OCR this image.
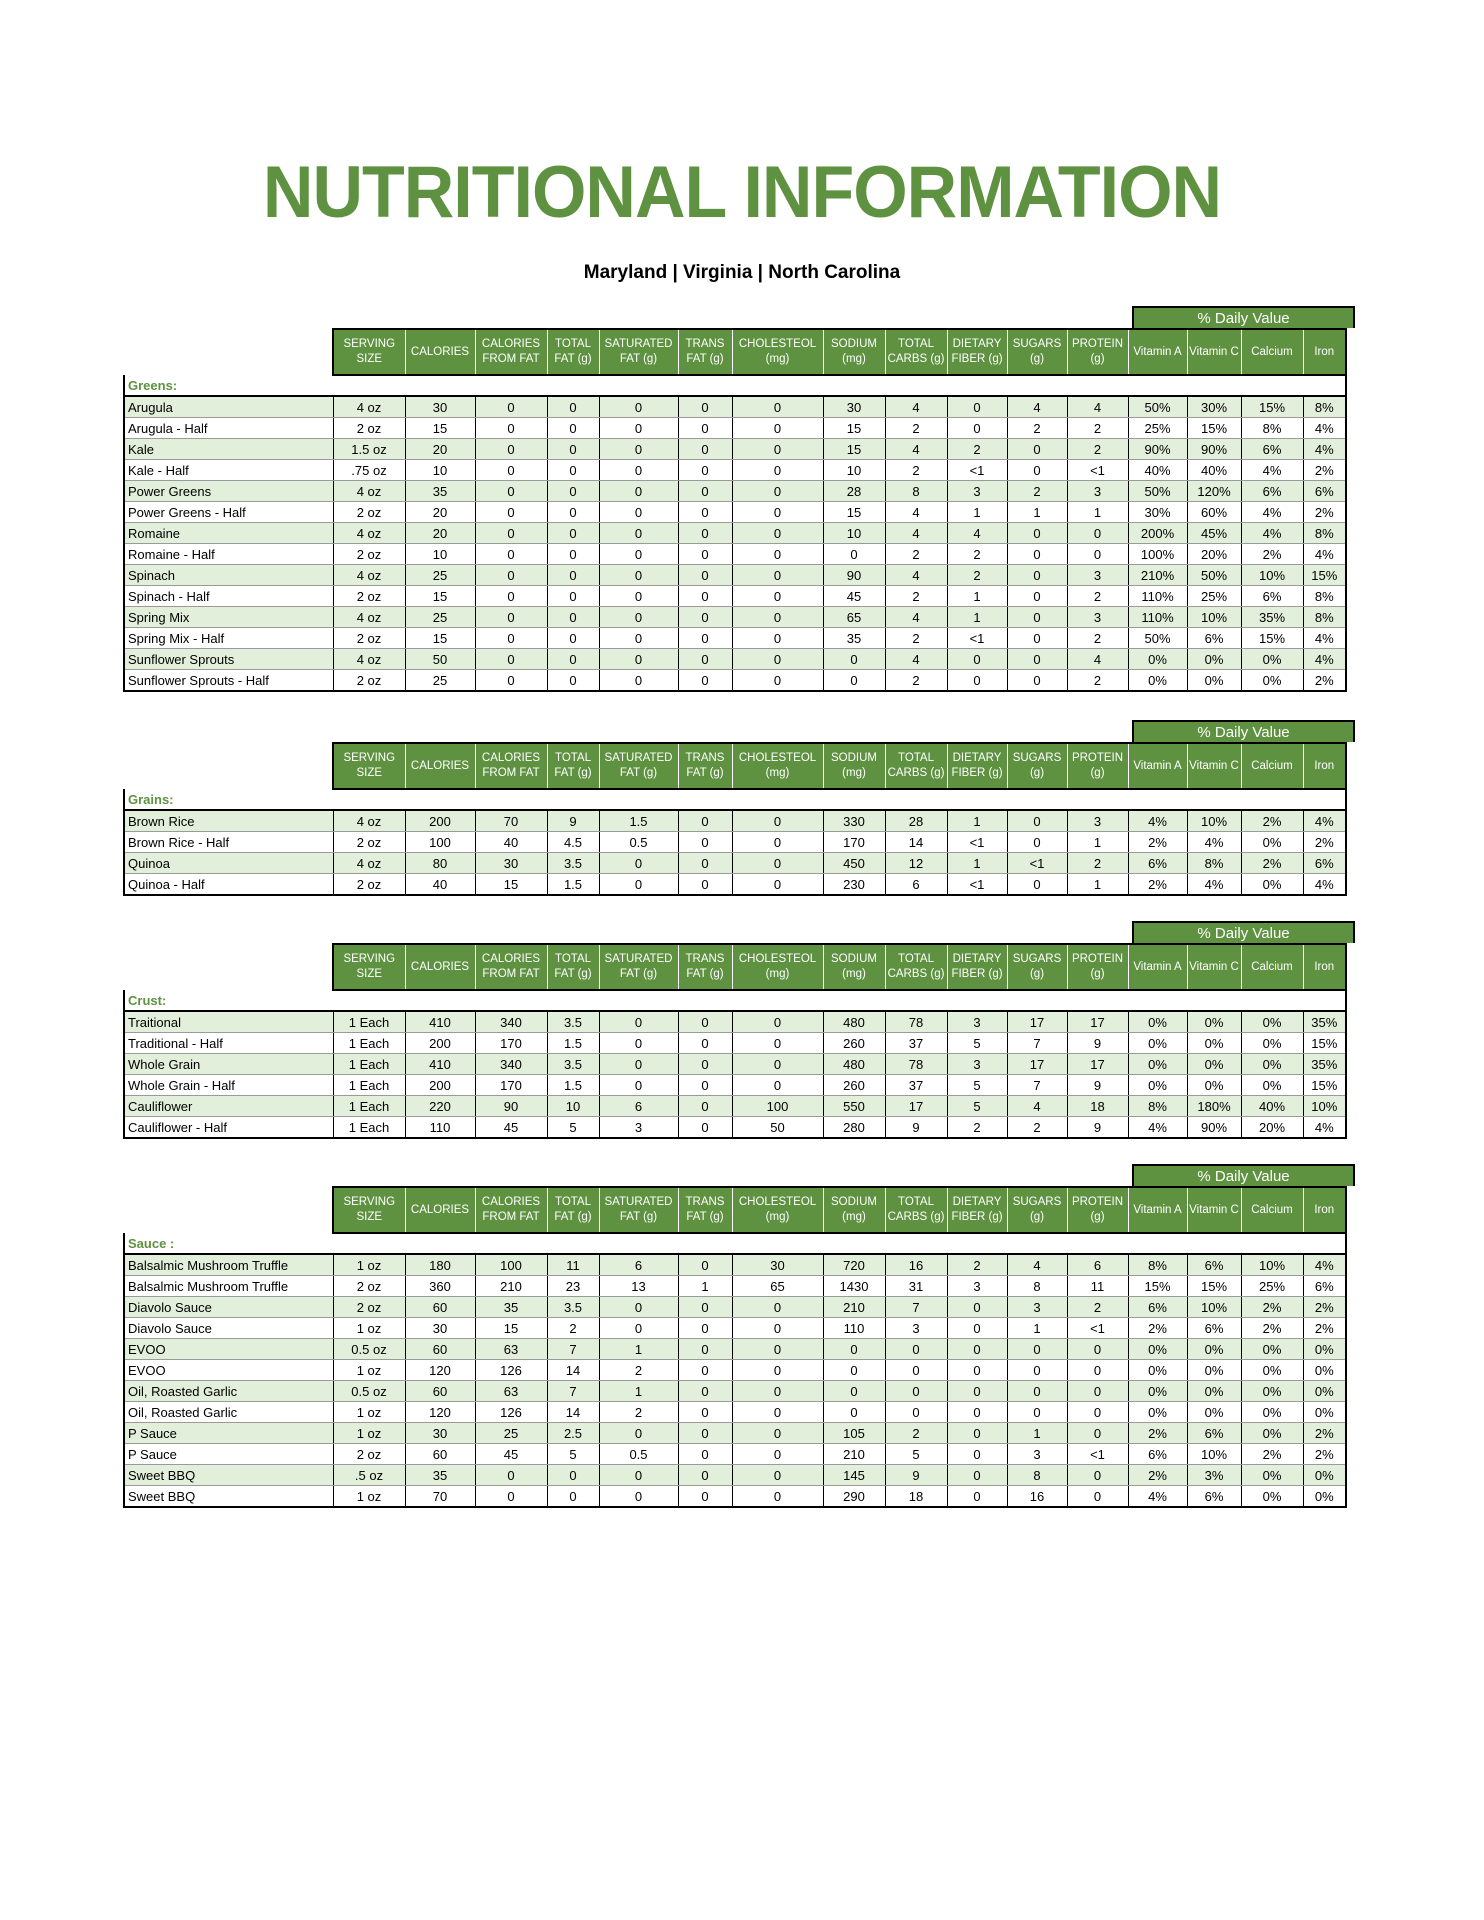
NUTRITIONAL INFORMATION
Maryland | Virginia | North Carolina
% Daily Value
	SERVING SIZE	CALORIES	CALORIES FROM FAT	TOTAL FAT (g)	SATURATED FAT (g)	TRANS FAT (g)	CHOLESTEOL (mg)	SODIUM (mg)	TOTAL CARBS (g)	DIETARY FIBER (g)	SUGARS (g)	PROTEIN (g)	Vitamin A	Vitamin C	Calcium	Iron
Greens:																
Arugula	4 oz	30	0	0	0	0	0	30	4	0	4	4	50%	30%	15%	8%
Arugula - Half	2 oz	15	0	0	0	0	0	15	2	0	2	2	25%	15%	8%	4%
Kale	1.5 oz	20	0	0	0	0	0	15	4	2	0	2	90%	90%	6%	4%
Kale - Half	.75 oz	10	0	0	0	0	0	10	2	<1	0	<1	40%	40%	4%	2%
Power Greens	4 oz	35	0	0	0	0	0	28	8	3	2	3	50%	120%	6%	6%
Power Greens - Half	2 oz	20	0	0	0	0	0	15	4	1	1	1	30%	60%	4%	2%
Romaine	4 oz	20	0	0	0	0	0	10	4	4	0	0	200%	45%	4%	8%
Romaine - Half	2 oz	10	0	0	0	0	0	0	2	2	0	0	100%	20%	2%	4%
Spinach	4 oz	25	0	0	0	0	0	90	4	2	0	3	210%	50%	10%	15%
Spinach - Half	2 oz	15	0	0	0	0	0	45	2	1	0	2	110%	25%	6%	8%
Spring Mix	4 oz	25	0	0	0	0	0	65	4	1	0	3	110%	10%	35%	8%
Spring Mix - Half	2 oz	15	0	0	0	0	0	35	2	<1	0	2	50%	6%	15%	4%
Sunflower Sprouts	4 oz	50	0	0	0	0	0	0	4	0	0	4	0%	0%	0%	4%
Sunflower Sprouts - Half	2 oz	25	0	0	0	0	0	0	2	0	0	2	0%	0%	0%	2%
% Daily Value
	SERVING SIZE	CALORIES	CALORIES FROM FAT	TOTAL FAT (g)	SATURATED FAT (g)	TRANS FAT (g)	CHOLESTEOL (mg)	SODIUM (mg)	TOTAL CARBS (g)	DIETARY FIBER (g)	SUGARS (g)	PROTEIN (g)	Vitamin A	Vitamin C	Calcium	Iron
Grains:																
Brown Rice	4 oz	200	70	9	1.5	0	0	330	28	1	0	3	4%	10%	2%	4%
Brown Rice - Half	2 oz	100	40	4.5	0.5	0	0	170	14	<1	0	1	2%	4%	0%	2%
Quinoa	4 oz	80	30	3.5	0	0	0	450	12	1	<1	2	6%	8%	2%	6%
Quinoa - Half	2 oz	40	15	1.5	0	0	0	230	6	<1	0	1	2%	4%	0%	4%
% Daily Value
	SERVING SIZE	CALORIES	CALORIES FROM FAT	TOTAL FAT (g)	SATURATED FAT (g)	TRANS FAT (g)	CHOLESTEOL (mg)	SODIUM (mg)	TOTAL CARBS (g)	DIETARY FIBER (g)	SUGARS (g)	PROTEIN (g)	Vitamin A	Vitamin C	Calcium	Iron
Crust:																
Traitional	1 Each	410	340	3.5	0	0	0	480	78	3	17	17	0%	0%	0%	35%
Traditional - Half	1 Each	200	170	1.5	0	0	0	260	37	5	7	9	0%	0%	0%	15%
Whole Grain	1 Each	410	340	3.5	0	0	0	480	78	3	17	17	0%	0%	0%	35%
Whole Grain - Half	1 Each	200	170	1.5	0	0	0	260	37	5	7	9	0%	0%	0%	15%
Cauliflower	1 Each	220	90	10	6	0	100	550	17	5	4	18	8%	180%	40%	10%
Cauliflower - Half	1 Each	110	45	5	3	0	50	280	9	2	2	9	4%	90%	20%	4%
% Daily Value
	SERVING SIZE	CALORIES	CALORIES FROM FAT	TOTAL FAT (g)	SATURATED FAT (g)	TRANS FAT (g)	CHOLESTEOL (mg)	SODIUM (mg)	TOTAL CARBS (g)	DIETARY FIBER (g)	SUGARS (g)	PROTEIN (g)	Vitamin A	Vitamin C	Calcium	Iron
Sauce :																
Balsalmic Mushroom Truffle	1 oz	180	100	11	6	0	30	720	16	2	4	6	8%	6%	10%	4%
Balsalmic Mushroom Truffle	2 oz	360	210	23	13	1	65	1430	31	3	8	11	15%	15%	25%	6%
Diavolo Sauce	2 oz	60	35	3.5	0	0	0	210	7	0	3	2	6%	10%	2%	2%
Diavolo Sauce	1 oz	30	15	2	0	0	0	110	3	0	1	<1	2%	6%	2%	2%
EVOO	0.5 oz	60	63	7	1	0	0	0	0	0	0	0	0%	0%	0%	0%
EVOO	1 oz	120	126	14	2	0	0	0	0	0	0	0	0%	0%	0%	0%
Oil, Roasted Garlic	0.5 oz	60	63	7	1	0	0	0	0	0	0	0	0%	0%	0%	0%
Oil, Roasted Garlic	1 oz	120	126	14	2	0	0	0	0	0	0	0	0%	0%	0%	0%
P Sauce	1 oz	30	25	2.5	0	0	0	105	2	0	1	0	2%	6%	0%	2%
P Sauce	2 oz	60	45	5	0.5	0	0	210	5	0	3	<1	6%	10%	2%	2%
Sweet BBQ	.5 oz	35	0	0	0	0	0	145	9	0	8	0	2%	3%	0%	0%
Sweet BBQ	1 oz	70	0	0	0	0	0	290	18	0	16	0	4%	6%	0%	0%
